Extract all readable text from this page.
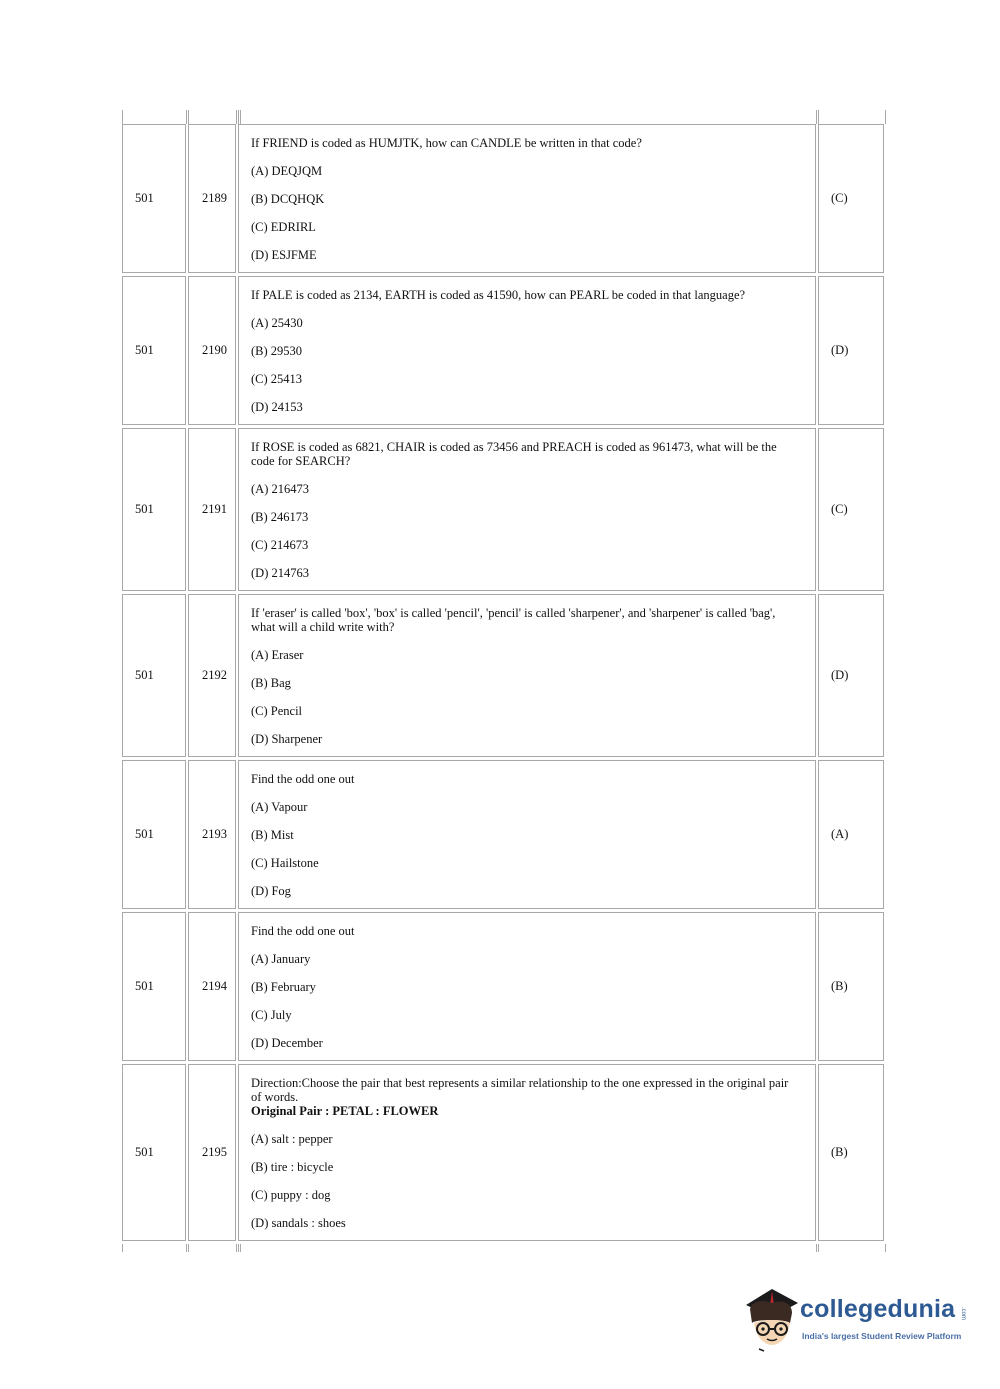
501	2189
If FRIEND is coded as HUMJTK, how can CANDLE be written in that code?
(A) DEQJQM
(B) DCQHQK
(C) EDRIRL
(D) ESJFME
(C)
501	2190
If PALE is coded as 2134, EARTH is coded as 41590, how can PEARL be coded in that language?
(A) 25430
(B) 29530
(C) 25413
(D) 24153
(D)
501	2191
If ROSE is coded as 6821, CHAIR is coded as 73456 and PREACH is coded as 961473, what will be the code for SEARCH?
(A) 216473
(B) 246173
(C) 214673
(D) 214763
(C)
501	2192
If 'eraser' is called 'box', 'box' is called 'pencil', 'pencil' is called 'sharpener', and 'sharpener' is called 'bag', what will a child write with?
(A) Eraser
(B) Bag
(C) Pencil
(D) Sharpener
(D)
501	2193
Find the odd one out
(A) Vapour
(B) Mist
(C) Hailstone
(D) Fog
(A)
501	2194
Find the odd one out
(A) January
(B) February
(C) July
(D) December
(B)
501	2195
Direction:Choose the pair that best represents a similar relationship to the one expressed in the original pair of words.
Original Pair : PETAL : FLOWER
(A) salt : pepper
(B) tire : bicycle
(C) puppy : dog
(D) sandals : shoes
(B)
collegedunia .com
India's largest Student Review Platform
